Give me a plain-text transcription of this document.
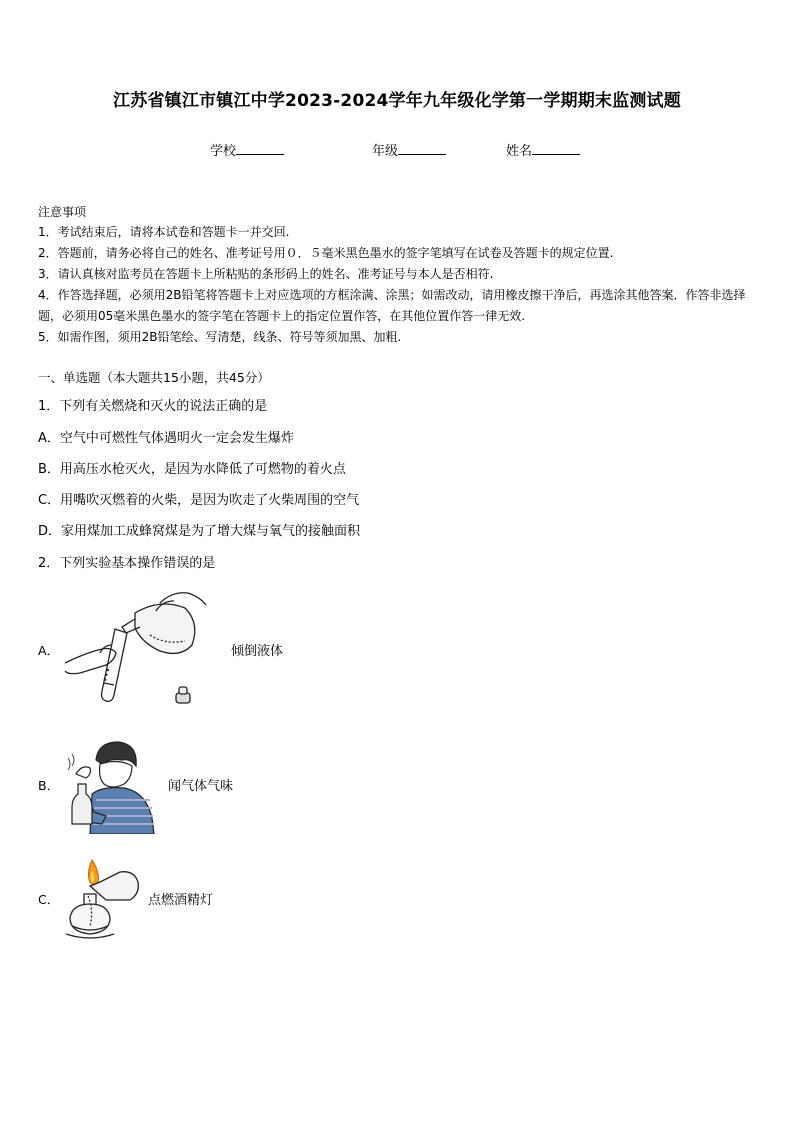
江苏省镇江市镇江中学2023-2024学年九年级化学第一学期期末监测试题
学校	年级	姓名
注意事项

1．考试结束后，请将本试卷和答题卡一并交回.

2．答题前，请务必将自己的姓名、准考证号用０．５毫米黑色墨水的签字笔填写在试卷及答题卡的规定位置.

3．请认真核对监考员在答题卡上所粘贴的条形码上的姓名、准考证号与本人是否相符.

4．作答选择题，必须用2B铅笔将答题卡上对应选项的方框涂满、涂黑；如需改动，请用橡皮擦干净后，再选涂其他答案．作答非选择题，必须用05毫米黑色墨水的签字笔在答题卡上的指定位置作答，在其他位置作答一律无效.

5．如需作图，须用2B铅笔绘、写清楚，线条、符号等须加黑、加粗.

一、单选题（本大题共15小题，共45分）
1．下列有关燃烧和灭火的说法正确的是
A．空气中可燃性气体遇明火一定会发生爆炸
B．用高压水枪灭火，是因为水降低了可燃物的着火点
C．用嘴吹灭燃着的火柴，是因为吹走了火柴周围的空气
D．家用煤加工成蜂窝煤是为了增大煤与氧气的接触面积
2．下列实验基本操作错误的是
A．	倾倒液体
B．	闻气体气味
C．	点燃酒精灯
